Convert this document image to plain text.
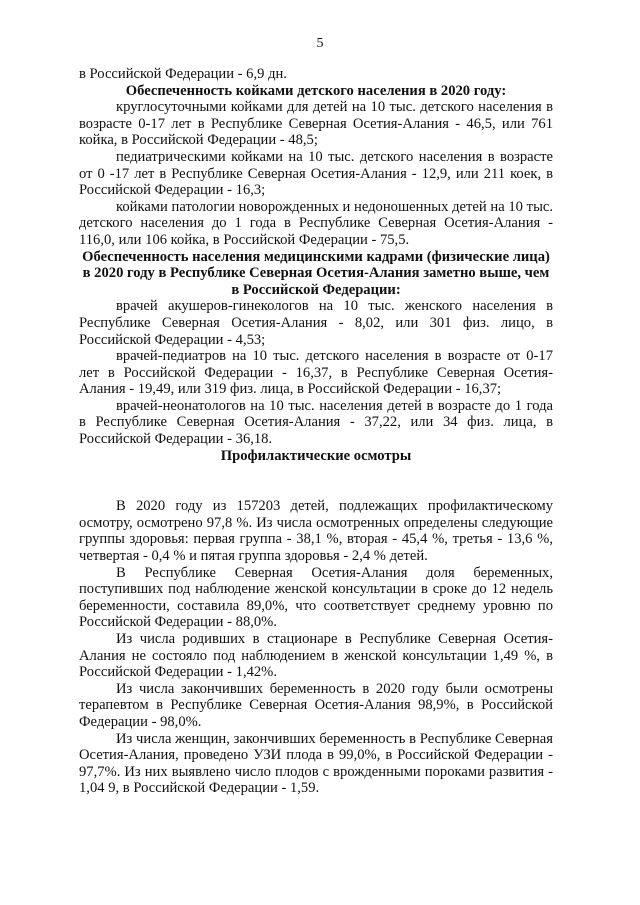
5

в Российской Федерации - 6,9 дн.

Обеспеченность койками детского населения в 2020 году:

круглосуточными койками для детей на 10 тыс. детского населения в возрасте 0-17 лет в Республике Северная Осетия-Алания - 46,5, или 761 койка, в Российской Федерации - 48,5;

педиатрическими койками на 10 тыс. детского населения в возрасте от 0 -17 лет в Республике Северная Осетия-Алания - 12,9, или 211 коек, в Российской Федерации - 16,3;

койками патологии новорожденных и недоношенных детей на 10 тыс. детского населения до 1 года в Республике Северная Осетия-Алания - 116,0, или 106 койка, в Российской Федерации - 75,5.

Обеспеченность населения медицинскими кадрами (физические лица) в 2020 году в Республике Северная Осетия-Алания заметно выше, чем в Российской Федерации:

врачей акушеров-гинекологов на 10 тыс. женского населения в Республике Северная Осетия-Алания - 8,02, или 301 физ. лицо, в Российской Федерации - 4,53;

врачей-педиатров на 10 тыс. детского населения в возрасте от 0-17 лет в Российской Федерации - 16,37, в Республике Северная Осетия-Алания - 19,49, или 319 физ. лица, в Российской Федерации - 16,37;

врачей-неонатологов на 10 тыс. населения детей в возрасте до 1 года в Республике Северная Осетия-Алания - 37,22, или 34 физ. лица, в Российской Федерации - 36,18.

Профилактические осмотры

В 2020 году из 157203 детей, подлежащих профилактическому осмотру, осмотрено 97,8 %. Из числа осмотренных определены следующие группы здоровья: первая группа - 38,1 %, вторая - 45,4 %, третья - 13,6 %, четвертая - 0,4 % и пятая группа здоровья - 2,4 % детей.

В Республике Северная Осетия-Алания доля беременных, поступивших под наблюдение женской консультации в сроке до 12 недель беременности, составила 89,0%, что соответствует среднему уровню по Российской Федерации - 88,0%.

Из числа родивших в стационаре в Республике Северная Осетия-Алания не состояло под наблюдением в женской консультации 1,49 %, в Российской Федерации - 1,42%.

Из числа закончивших беременность в 2020 году были осмотрены терапевтом в Республике Северная Осетия-Алания 98,9%, в Российской Федерации - 98,0%.

Из числа женщин, закончивших беременность в Республике Северная Осетия-Алания, проведено УЗИ плода в 99,0%, в Российской Федерации - 97,7%. Из них выявлено число плодов с врожденными пороками развития - 1,04 9, в Российской Федерации - 1,59.
